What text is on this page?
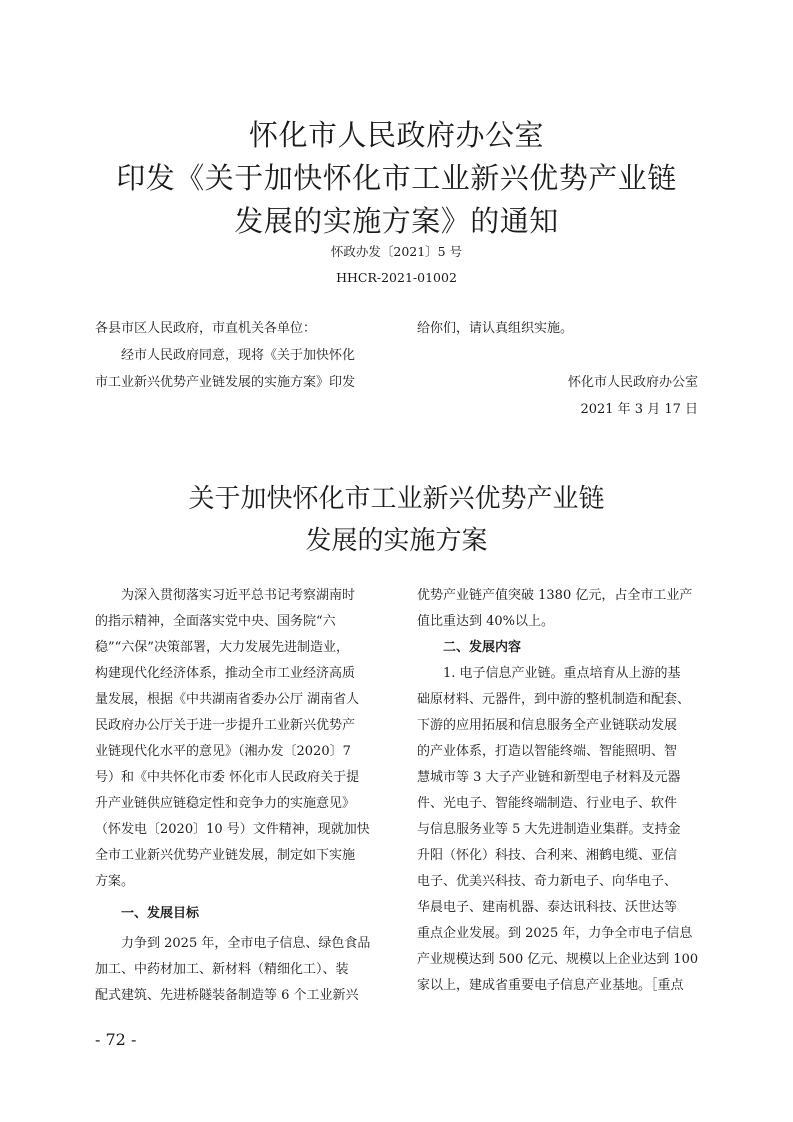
怀化市人民政府办公室
印发《关于加快怀化市工业新兴优势产业链
发展的实施方案》的通知
怀政办发〔2021〕5 号
HHCR-2021-01002
各县市区人民政府，市直机关各单位：
经市人民政府同意，现将《关于加快怀化
市工业新兴优势产业链发展的实施方案》印发
给你们，请认真组织实施。
怀化市人民政府办公室
2021 年 3 月 17 日
关于加快怀化市工业新兴优势产业链
发展的实施方案
为深入贯彻落实习近平总书记考察湖南时
的指示精神，全面落实党中央、国务院“六
稳”“六保”决策部署，大力发展先进制造业，
构建现代化经济体系，推动全市工业经济高质
量发展，根据《中共湖南省委办公厅 湖南省人
民政府办公厅关于进一步提升工业新兴优势产
业链现代化水平的意见》（湘办发〔2020〕7
号）和《中共怀化市委 怀化市人民政府关于提
升产业链供应链稳定性和竞争力的实施意见》
（怀发电〔2020〕10 号）文件精神，现就加快
全市工业新兴优势产业链发展，制定如下实施
方案。
一、发展目标
力争到 2025 年，全市电子信息、绿色食品
加工、中药材加工、新材料（精细化工）、装
配式建筑、先进桥隧装备制造等 6 个工业新兴
优势产业链产值突破 1380 亿元，占全市工业产
值比重达到 40%以上。
二、发展内容
1. 电子信息产业链。重点培育从上游的基
础原材料、元器件，到中游的整机制造和配套、
下游的应用拓展和信息服务全产业链联动发展
的产业体系，打造以智能终端、智能照明、智
慧城市等 3 大子产业链和新型电子材料及元器
件、光电子、智能终端制造、行业电子、软件
与信息服务业等 5 大先进制造业集群。支持金
升阳（怀化）科技、合利来、湘鹤电缆、亚信
电子、优美兴科技、奇力新电子、向华电子、
华晨电子、建南机器、泰达讯科技、沃世达等
重点企业发展。到 2025 年，力争全市电子信息
产业规模达到 500 亿元、规模以上企业达到 100
家以上，建成省重要电子信息产业基地。［重点
- 72 -
